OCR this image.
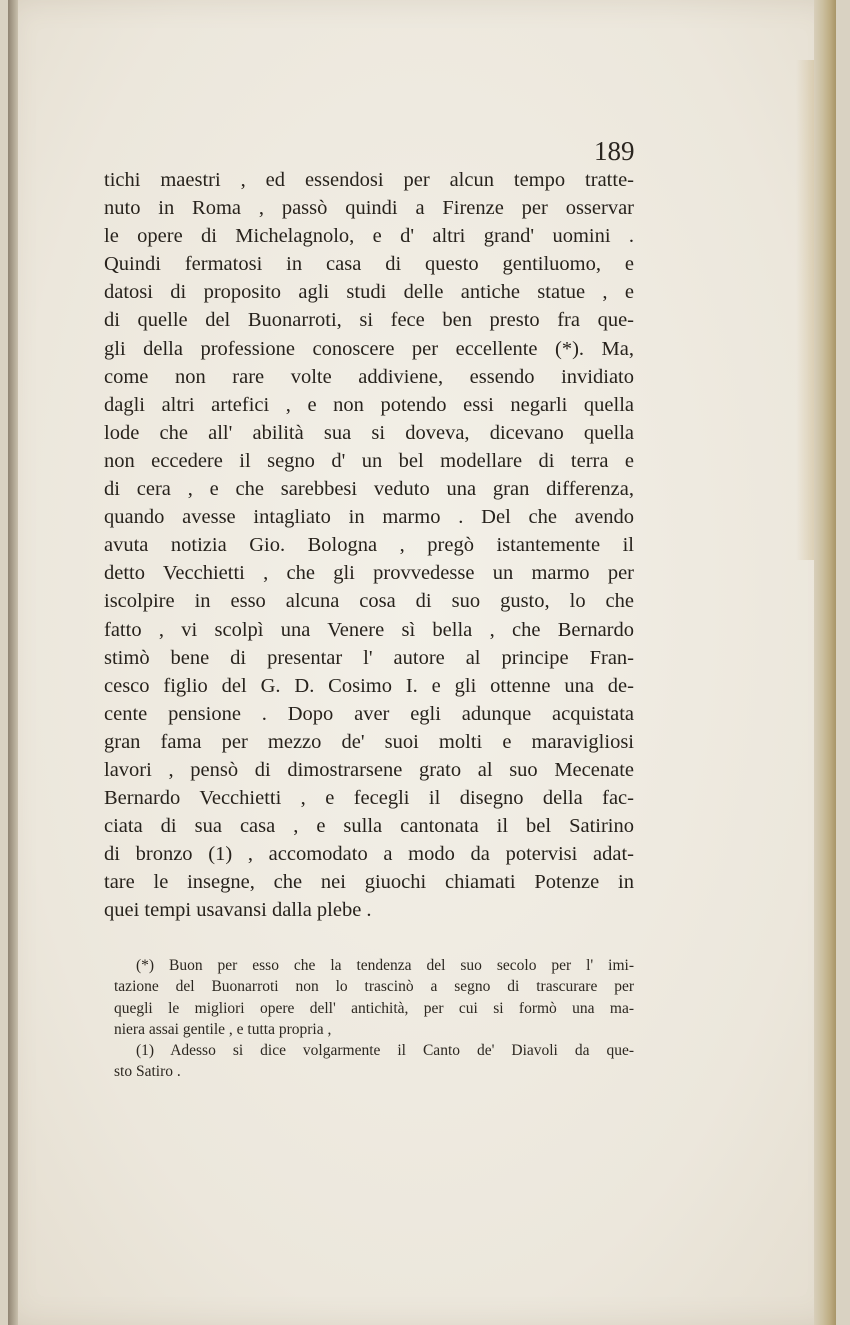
189
tichi maestri , ed essendosi per alcun tempo tratte-
nuto in Roma , passò quindi a Firenze per osservar
le opere di Michelagnolo, e d' altri grand' uomini .
Quindi fermatosi in casa di questo gentiluomo, e
datosi di proposito agli studi delle antiche statue , e
di quelle del Buonarroti, si fece ben presto fra que-
gli della professione conoscere per eccellente (*). Ma,
come non rare volte addiviene, essendo invidiato
dagli altri artefici , e non potendo essi negarli quella
lode che all' abilità sua si doveva, dicevano quella
non eccedere il segno d' un bel modellare di terra e
di cera , e che sarebbesi veduto una gran differenza,
quando avesse intagliato in marmo . Del che avendo
avuta notizia Gio. Bologna , pregò istantemente il
detto Vecchietti , che gli provvedesse un marmo per
iscolpire in esso alcuna cosa di suo gusto, lo che
fatto , vi scolpì una Venere sì bella , che Bernardo
stimò bene di presentar l' autore al principe Fran-
cesco figlio del G. D. Cosimo I. e gli ottenne una de-
cente pensione . Dopo aver egli adunque acquistata
gran fama per mezzo de' suoi molti e maravigliosi
lavori , pensò di dimostrarsene grato al suo Mecenate
Bernardo Vecchietti , e fecegli il disegno della fac-
ciata di sua casa , e sulla cantonata il bel Satirino
di bronzo (1) , accomodato a modo da potervisi adat-
tare le insegne, che nei giuochi chiamati Potenze in
quei tempi usavansi dalla plebe .
(*) Buon per esso che la tendenza del suo secolo per l' imi-
tazione del Buonarroti non lo trascinò a segno di trascurare per
quegli le migliori opere dell' antichità, per cui si formò una ma-
niera assai gentile , e tutta propria ,
(1) Adesso si dice volgarmente il Canto de' Diavoli da que-
sto Satiro .
